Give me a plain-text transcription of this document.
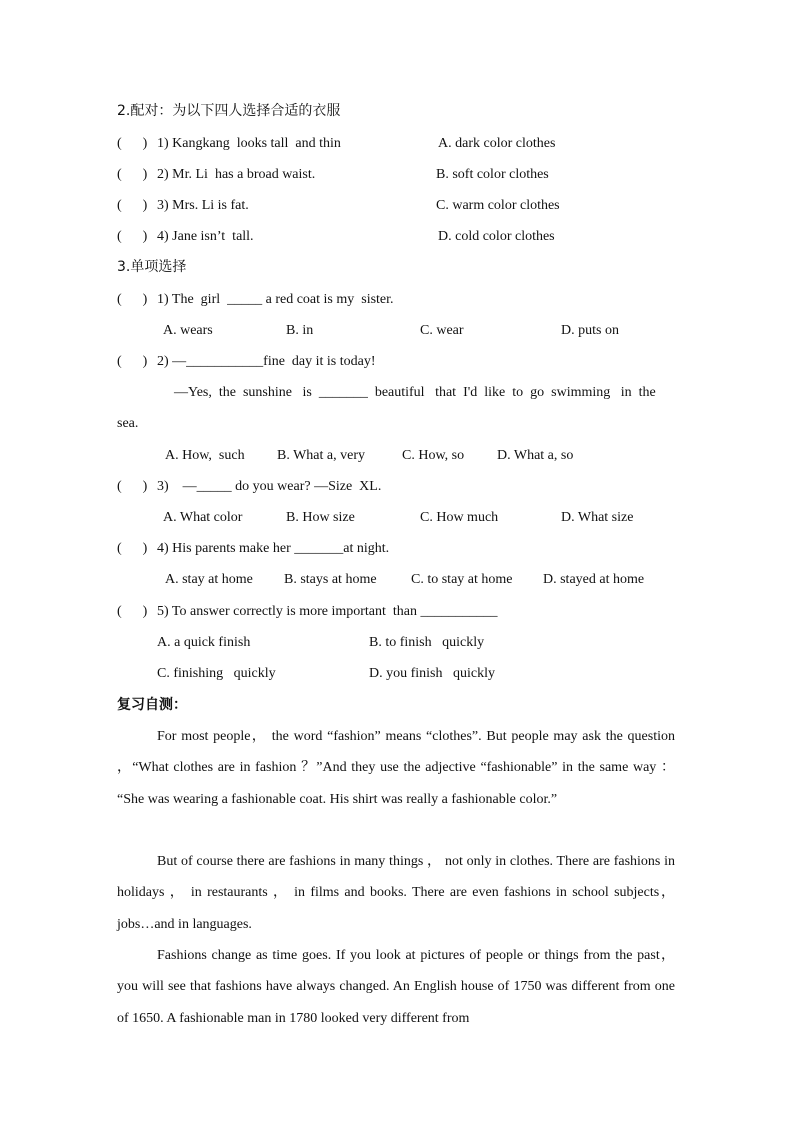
2.配对：为以下四人选择合适的衣服
(      ) 1) Kangkang  looks tall  and thin	A. dark color clothes
(      ) 2) Mr. Li  has a broad waist.	B. soft color clothes
(      ) 3) Mrs. Li is fat.	C. warm color clothes
(      ) 4) Jane isn’t  tall.	D. cold color clothes
3.单项选择
(      ) 1) The  girl  _____ a red coat is my  sister.
A. wears	B. in	C. wear	D. puts on
(      ) 2) —___________fine  day it is today!
—Yes,  the  sunshine   is  _______  beautiful   that  I'd  like  to  go  swimming   in  the
sea.
A. How,  such B. What a, very	C. How, so D. What a, so
(      ) 3)    —_____ do you wear? —Size  XL.
A. What color	B. How size	C. How much	D. What size
(      ) 4) His parents make her _______at night.
A. stay at home B. stays at home C. to stay at home D. stayed at home
(      ) 5) To answer correctly is more important  than ___________
A. a quick finish	B. to finish   quickly
C. finishing   quickly	D. you finish   quickly
复习自测：
For most people， the word “fashion” means “clothes”. But people may ask the question ，“What clothes are in fashion ？”And they use the adjective “fashionable” in the same way ： “She was wearing a fashionable coat. His shirt was really a fashionable color.”
But of course there are fashions in many things ， not only in clothes. There are fashions in holidays ， in restaurants ， in films and books. There are even fashions in school subjects， jobs…and in languages.
Fashions change as time goes. If you look at pictures of people or things from the past， you will see that fashions have always changed. An English house of 1750 was different from one of 1650. A fashionable man in 1780 looked very different from
